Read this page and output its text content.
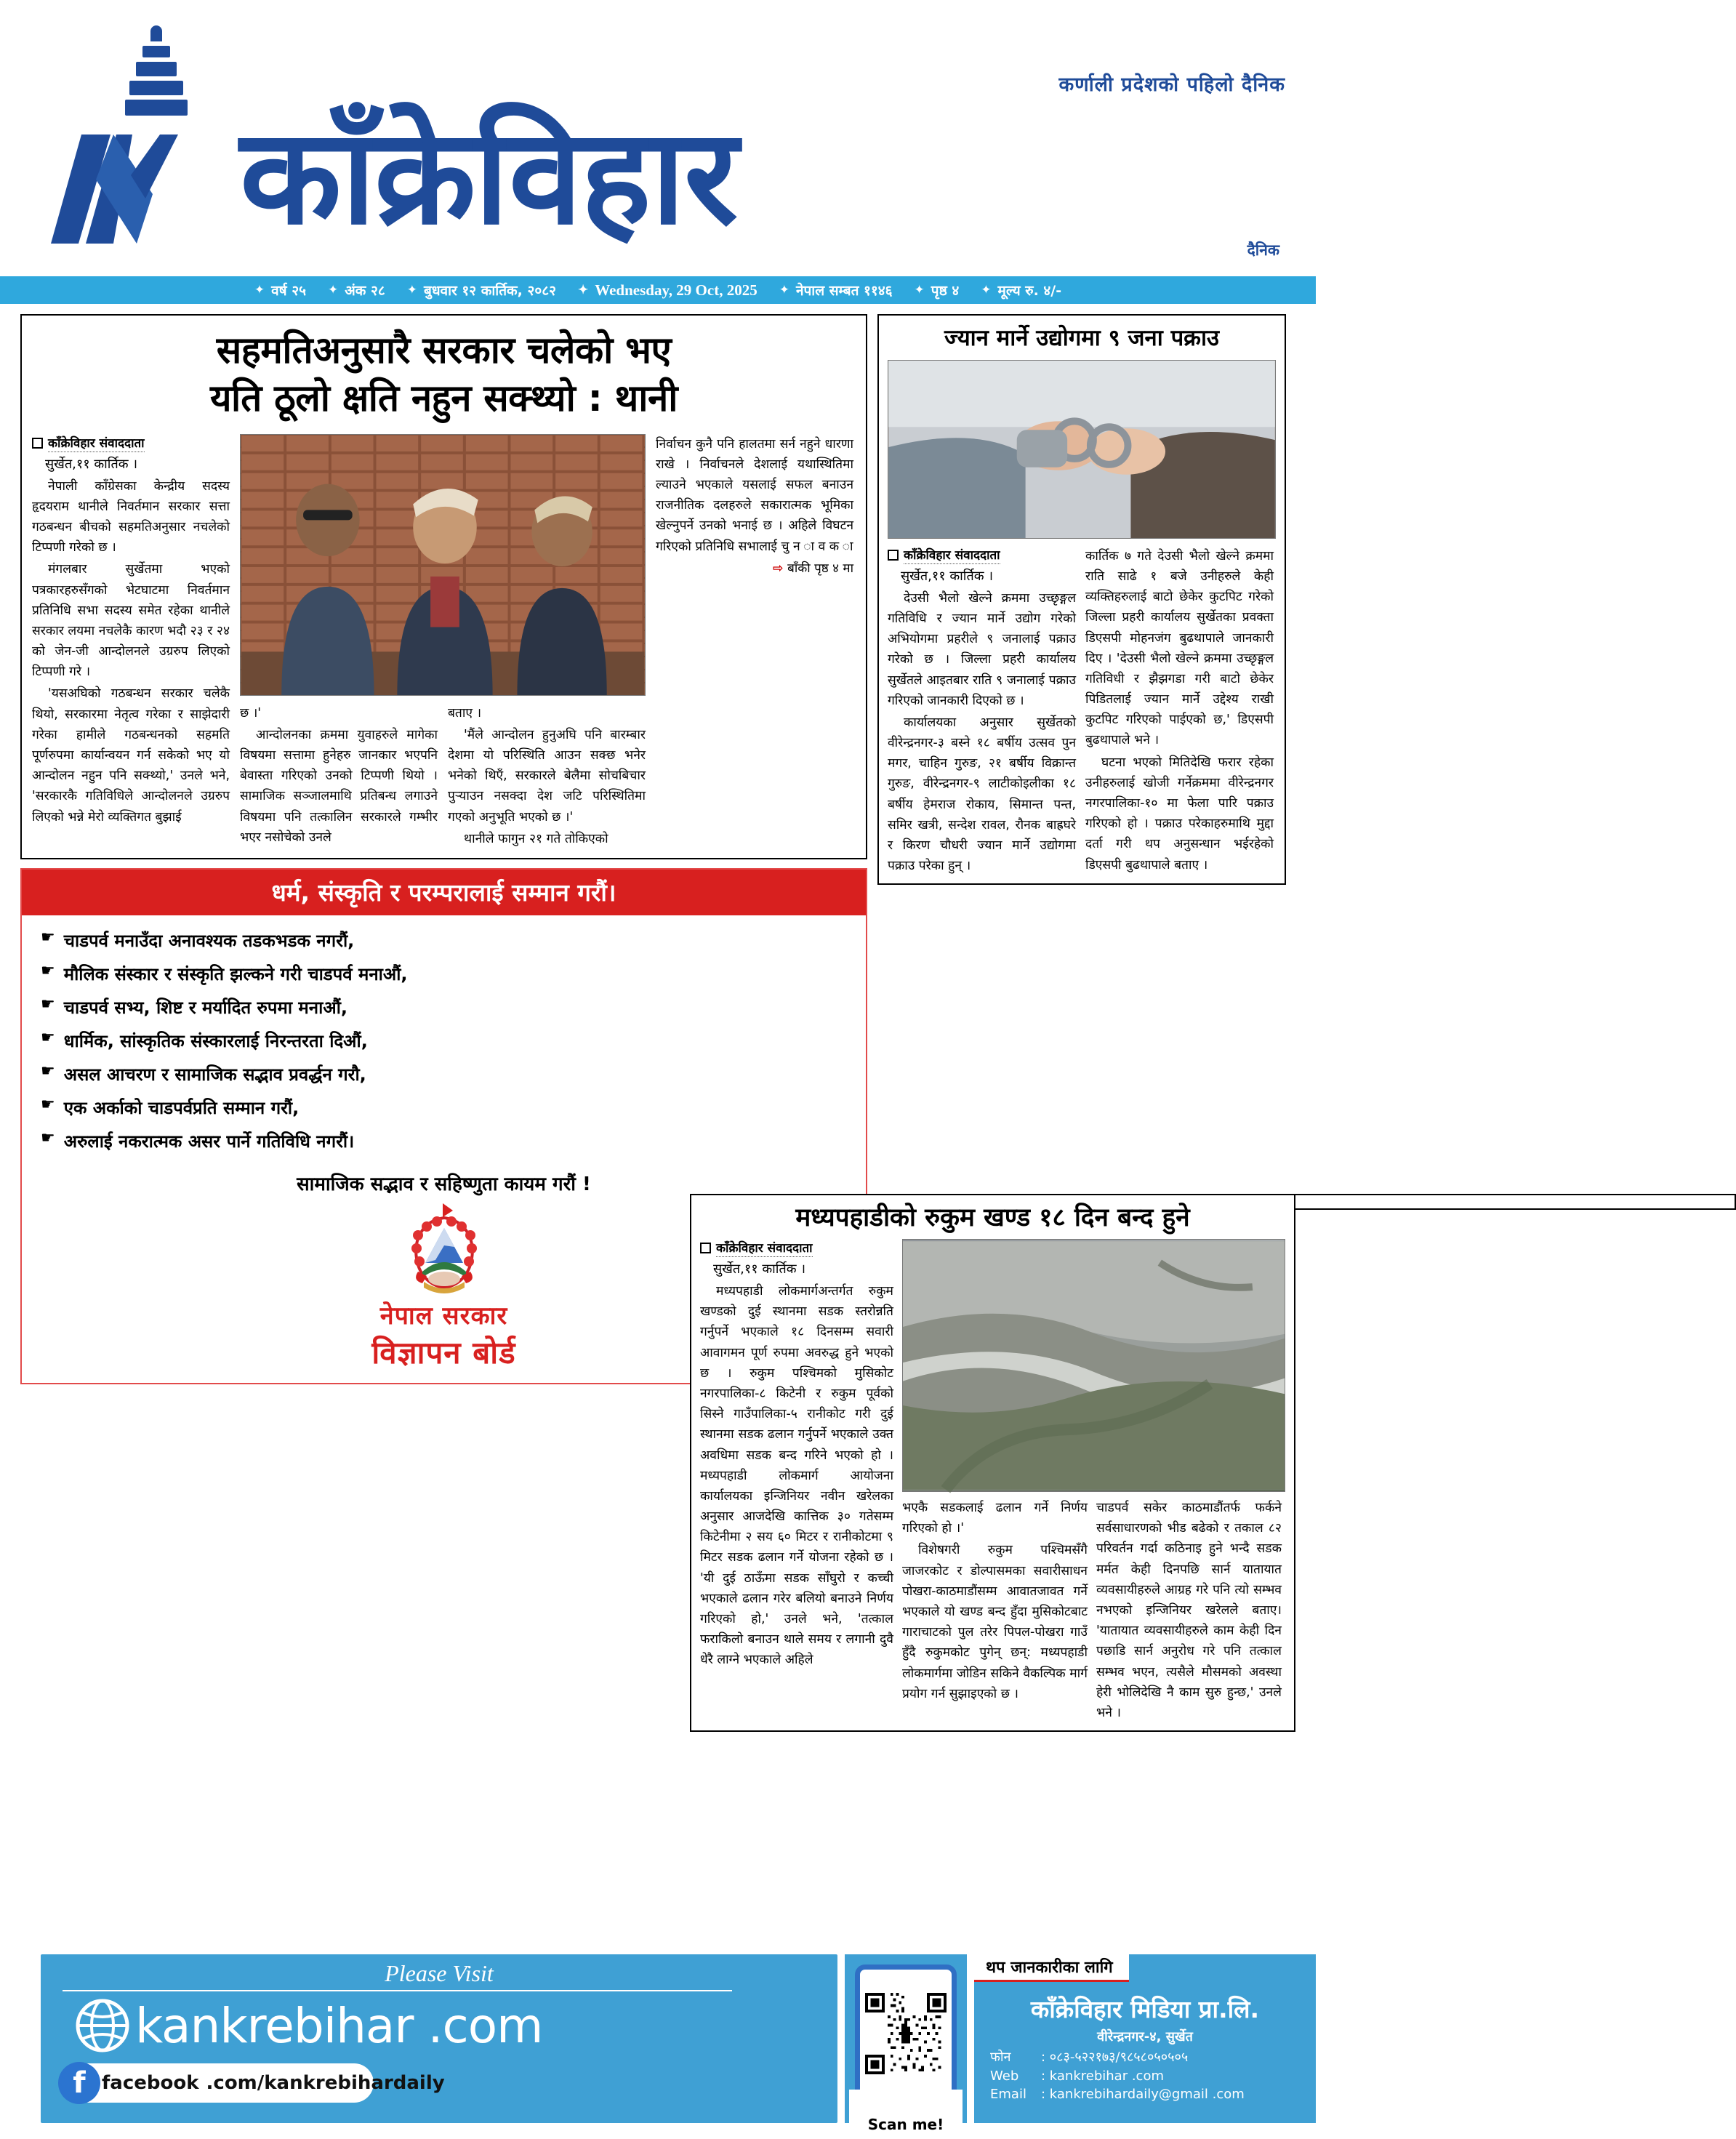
काँक्रेविहार
कर्णाली प्रदेशको पहिलो दैनिक
दैनिक
✦ वर्ष २५ ✦ अंक २८ ✦ बुधवार १२ कार्तिक, २०८२ ✦ Wednesday, 29 Oct, 2025 ✦ नेपाल सम्बत ११४६ ✦ पृष्ठ ४ ✦ मूल्य रु. ४/-
सहमतिअनुसारै सरकार चलेको भए
यति ठूलो क्षति नहुन सक्थ्यो : थानी
काँक्रेविहार संवाददाता
सुर्खेत,११ कार्तिक ।

नेपाली काँग्रेसका केन्द्रीय सदस्य हृदयराम थानीले निवर्तमान सरकार सत्ता गठबन्धन बीचको सहमतिअनुसार नचलेको टिप्पणी गरेको छ ।

मंगलबार सुर्खेतमा भएको पत्रकारहरुसँगको भेटघाटमा निवर्तमान प्रतिनिधि सभा सदस्य समेत रहेका थानीले सरकार लयमा नचलेकै कारण भदौ २३ र २४ को जेन-जी आन्दोलनले उग्ररुप लिएको टिप्पणी गरे ।

'यसअघिको गठबन्धन सरकार चलेकै थियो, सरकारमा नेतृत्व गरेका र साझेदारी गरेका हामीले गठबन्धनको सहमति पूर्णरुपमा कार्यान्वयन गर्न सकेको भए यो आन्दोलन नहुन पनि सक्थ्यो,' उनले भने, 'सरकारकै गतिविधिले आन्दोलनले उग्ररुप लिएको भन्ने मेरो व्यक्तिगत बुझाई

छ ।'

आन्दोलनका क्रममा युवाहरुले मागेका विषयमा सत्तामा हुनेहरु जानकार भएपनि बेवास्ता गरिएको उनको टिप्पणी थियो । सामाजिक सञ्जालमाथि प्रतिबन्ध लगाउने विषयमा पनि तत्कालिन सरकारले गम्भीर भएर नसोचेको उनले

बताए ।

'मैंले आन्दोलन हुनुअघि पनि बारम्बार देशमा यो परिस्थिति आउन सक्छ भनेर भनेको थिएँ, सरकारले बेलैमा सोचबिचार पुऱ्याउन नसक्दा देश जटि परिस्थितिमा गएको अनुभूति भएको छ ।'

थानीले फागुन २१ गते तोकिएको

निर्वाचन कुनै पनि हालतमा सर्न नहुने धारणा राखे । निर्वाचनले देशलाई यथास्थितिमा ल्याउने भएकाले यसलाई सफल बनाउन राजनीतिक दलहरुले सकारात्मक भूमिका खेल्नुपर्ने उनको भनाई छ । अहिले विघटन गरिएको प्रतिनिधि सभालाई चु न ा व क ा

⇨ बाँकी पृष्ठ ४ मा

धर्म, संस्कृति र परम्परालाई सम्मान गरौं।
☛ चाडपर्व मनाउँदा अनावश्यक तडकभडक नगरौं,
☛ मौलिक संस्कार र संस्कृति झल्कने गरी चाडपर्व मनाऔं,
☛ चाडपर्व सभ्य, शिष्ट र मर्यादित रुपमा मनाऔं,
☛ धार्मिक, सांस्कृतिक संस्कारलाई निरन्तरता दिऔं,
☛ असल आचरण र सामाजिक सद्भाव प्रवर्द्धन गरौ,
☛ एक अर्काको चाडपर्वप्रति सम्मान गरौं,
☛ अरुलाई नकरात्मक असर पार्ने गतिविधि नगरौं।
सामाजिक सद्भाव र सहिष्णुता कायम गरौं !
नेपाल सरकार
विज्ञापन बोर्ड
ज्यान मार्ने उद्योगमा ९ जना पक्राउ
काँक्रेविहार संवाददाता
सुर्खेत,११ कार्तिक ।

देउसी भैलो खेल्ने क्रममा उच्छृङ्गल गतिविधि र ज्यान मार्ने उद्योग गरेको अभियोगमा प्रहरीले ९ जनालाई पक्राउ गरेको छ । जिल्ला प्रहरी कार्यालय सुर्खेतले आइतबार राति ९ जनालाई पक्राउ गरिएको जानकारी दिएको छ ।

कार्यालयका अनुसार सुर्खेतको वीरेन्द्रनगर-३ बस्ने १८ बर्षीय उत्सव पुन मगर, चाहिन गुरुङ, २१ बर्षीय विक्रान्त गुरुङ, वीरेन्द्रनगर-९ लाटीकोइलीका १८ बर्षीय हेमराज रोकाय, सिमान्त पन्त, समिर खत्री, सन्देश रावल, रौनक बाह्रघरे र किरण चौधरी ज्यान मार्ने उद्योगमा पक्राउ परेका हुन् ।

कार्तिक ७ गते देउसी भैलो खेल्ने क्रममा राति साढे १ बजे उनीहरुले केही व्यक्तिहरुलाई बाटो छेकेर कुटपिट गरेको जिल्ला प्रहरी कार्यालय सुर्खेतका प्रवक्ता डिएसपी मोहनजंग बुढथापाले जानकारी दिए । 'देउसी भैलो खेल्ने क्रममा उच्छृङ्गल गतिविधी र झैझगडा गरी बाटो छेकेर पिडितलाई ज्यान मार्ने उद्देश्य राखी कुटपिट गरिएको पाईएको छ,' डिएसपी बुढथापाले भने ।

घटना भएको मितिदेखि फरार रहेका उनीहरुलाई खोजी गर्नेक्रममा वीरेन्द्रनगर नगरपालिका-१० मा फेला पारि पक्राउ गरिएको हो । पक्राउ परेकाहरुमाथि मुद्दा दर्ता गरी थप अनुसन्धान भईरहेको डिएसपी बुढथापाले बताए ।

मध्यपहाडीको रुकुम खण्ड १८ दिन बन्द हुने
काँक्रेविहार संवाददाता
सुर्खेत,११ कार्तिक ।

मध्यपहाडी लोकमार्गअन्तर्गत रुकुम खण्डको दुई स्थानमा सडक स्तरोन्नति गर्नुपर्ने भएकाले १८ दिनसम्म सवारी आवागमन पूर्ण रुपमा अवरुद्ध हुने भएको छ । रुकुम पश्चिमको मुसिकोट नगरपालिका-८ किटेनी र रुकुम पूर्वको सिस्ने गाउँपालिका-५ रानीकोट गरी दुई स्थानमा सडक ढलान गर्नुपर्ने भएकाले उक्त अवधिमा सडक बन्द गरिने भएको हो । मध्यपहाडी लोकमार्ग आयोजना कार्यालयका इन्जिनियर नवीन खरेलका अनुसार आजदेखि कात्तिक ३० गतेसम्म किटेनीमा २ सय ६० मिटर र रानीकोटमा ९ मिटर सडक ढलान गर्ने योजना रहेको छ । 'यी दुई ठाऊँमा सडक साँघुरो र कच्ची भएकाले ढलान गरेर बलियो बनाउने निर्णय गरिएको हो,' उनले भने, 'तत्काल फराकिलो बनाउन थाले समय र लगानी दुवै धेरै लाग्ने भएकाले अहिले

भएकै सडकलाई ढलान गर्ने निर्णय गरिएको हो ।'

विशेषगरी रुकुम पश्चिमसँगै जाजरकोट र डोल्पासमका सवारीसाधन पोखरा-काठमाडौंसम्म आवातजावत गर्ने भएकाले यो खण्ड बन्द हुँदा मुसिकोटबाट गाराचाटको पुल तरेर पिपल-पोखरा गाउँ हुँदै रुकुमकोट पुगेन् छन्: मध्यपहाडी लोकमार्गमा जोडिन सकिने वैकल्पिक मार्ग प्रयोग गर्न सुझाइएको छ ।

चाडपर्व सकेर काठमाडौंतर्फ फर्कने सर्वसाधारणको भीड बढेको र तकाल ८२ परिवर्तन गर्दा कठिनाइ हुने भन्दै सडक मर्मत केही दिनपछि सार्न यातायात व्यवसायीहरुले आग्रह गरे पनि त्यो सम्भव नभएको इन्जिनियर खरेलले बताए। 'यातायात व्यवसायीहरुले काम केही दिन पछाडि सार्न अनुरोध गरे पनि तत्काल सम्भव भएन, त्यसैले मौसमको अवस्था हेरी भोलिदेखि नै काम सुरु हुन्छ,' उनले भने ।

Please Visit
kankrebihar .com
f facebook .com/kankrebihardaily
Scan me!
थप जानकारीका लागि
काँक्रेविहार मिडिया प्रा.लि.
वीरेन्द्रनगर-४, सुर्खेत
फोन	: ०८३-५२२१७३/९८५८०५०५०५
Web	: kankrebihar .com
Email	: kankrebihardaily@gmail .com
